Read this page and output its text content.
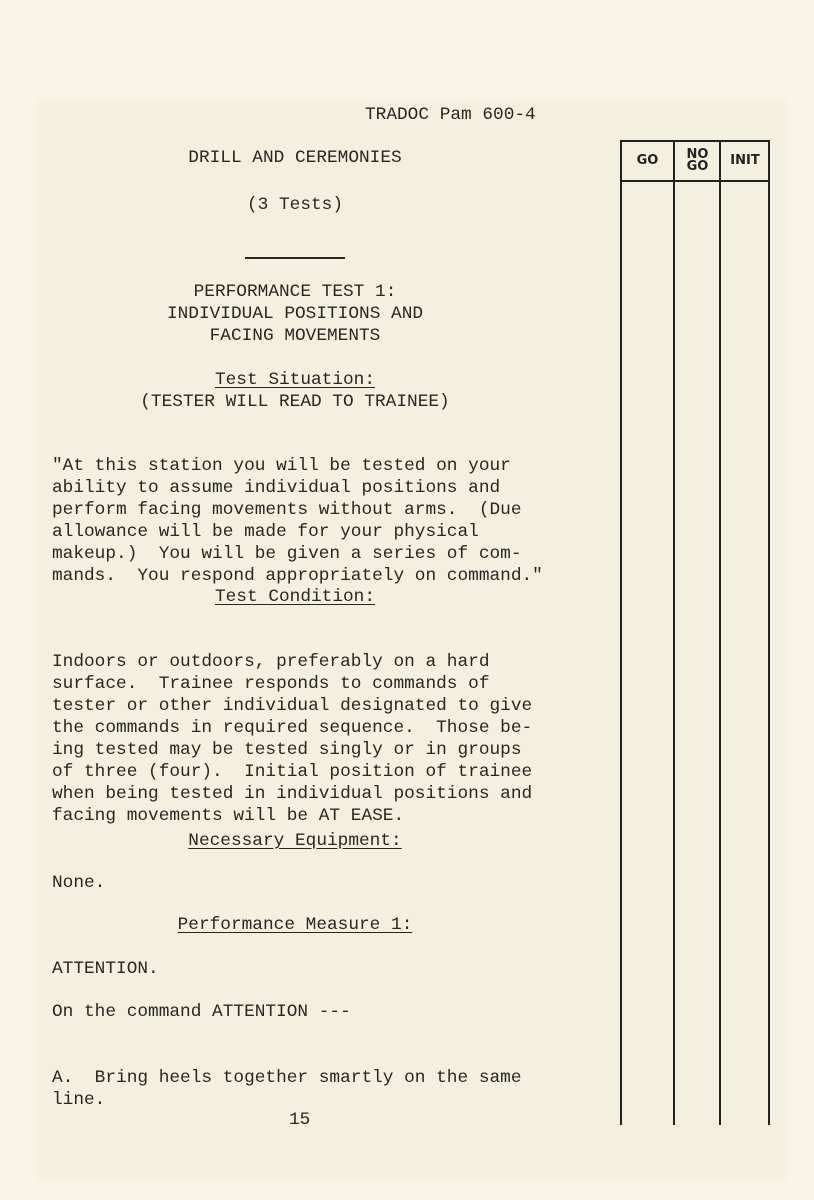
TRADOC Pam 600-4
DRILL AND CEREMONIES
(3 Tests)
PERFORMANCE TEST 1:
INDIVIDUAL POSITIONS AND
FACING MOVEMENTS
Test Situation:
(TESTER WILL READ TO TRAINEE)

"At this station you will be tested on your
ability to assume individual positions and
perform facing movements without arms.  (Due
allowance will be made for your physical
makeup.)  You will be given a series of com-
mands.  You respond appropriately on command."

Test Condition:

Indoors or outdoors, preferably on a hard
surface.  Trainee responds to commands of
tester or other individual designated to give
the commands in required sequence.  Those be-
ing tested may be tested singly or in groups
of three (four).  Initial position of trainee
when being tested in individual positions and
facing movements will be AT EASE.

Necessary Equipment:
None.
Performance Measure 1:
ATTENTION.
On the command ATTENTION ---

A.  Bring heels together smartly on the same
line.

15
GO	NO
GO	INIT
